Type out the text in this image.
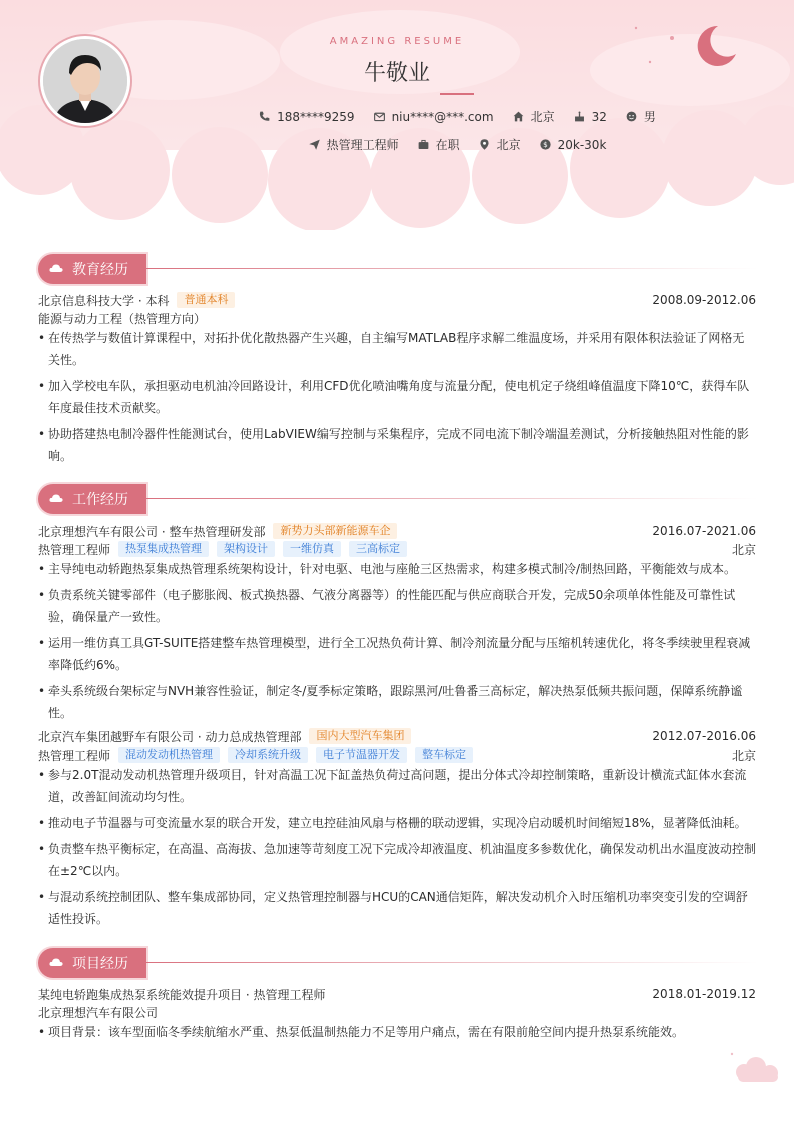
AMAZING RESUME
牛敬业
188****9259	niu****@***.com	北京	32	男
热管理工程师	在职	北京 $ 20k-30k
教育经历
北京信息科技大学 · 本科	普通本科	2008.09-2012.06
能源与动力工程（热管理方向）
• 在传热学与数值计算课程中，对拓扑优化散热器产生兴趣，自主编写MATLAB程序求解二维温度场，并采用有限体积法验证了网格无关性。
• 加入学校电车队，承担驱动电机油冷回路设计，利用CFD优化喷油嘴角度与流量分配，使电机定子绕组峰值温度下降10℃，获得车队年度最佳技术贡献奖。
• 协助搭建热电制冷器件性能测试台，使用LabVIEW编写控制与采集程序，完成不同电流下制冷端温差测试，分析接触热阻对性能的影响。
工作经历
北京理想汽车有限公司 · 整车热管理研发部	新势力头部新能源车企	2016.07-2021.06
热管理工程师	热泵集成热管理	架构设计	一维仿真	三高标定	北京
• 主导纯电动轿跑热泵集成热管理系统架构设计，针对电驱、电池与座舱三区热需求，构建多模式制冷/制热回路，平衡能效与成本。
• 负责系统关键零部件（电子膨胀阀、板式换热器、气液分离器等）的性能匹配与供应商联合开发，完成50余项单体性能及可靠性试验，确保量产一致性。
• 运用一维仿真工具GT-SUITE搭建整车热管理模型，进行全工况热负荷计算、制冷剂流量分配与压缩机转速优化，将冬季续驶里程衰减率降低约6%。
• 牵头系统级台架标定与NVH兼容性验证，制定冬/夏季标定策略，跟踪黑河/吐鲁番三高标定，解决热泵低频共振问题，保障系统静谧性。
北京汽车集团越野车有限公司 · 动力总成热管理部	国内大型汽车集团	2012.07-2016.06
热管理工程师	混动发动机热管理	冷却系统升级	电子节温器开发	整车标定	北京
• 参与2.0T混动发动机热管理升级项目，针对高温工况下缸盖热负荷过高问题，提出分体式冷却控制策略，重新设计横流式缸体水套流道，改善缸间流动均匀性。
• 推动电子节温器与可变流量水泵的联合开发，建立电控硅油风扇与格栅的联动逻辑，实现冷启动暖机时间缩短18%，显著降低油耗。
• 负责整车热平衡标定，在高温、高海拔、急加速等苛刻度工况下完成冷却液温度、机油温度多参数优化，确保发动机出水温度波动控制在±2℃以内。
• 与混动系统控制团队、整车集成部协同，定义热管理控制器与HCU的CAN通信矩阵，解决发动机介入时压缩机功率突变引发的空调舒适性投诉。
项目经历
某纯电轿跑集成热泵系统能效提升项目 · 热管理工程师	2018.01-2019.12
北京理想汽车有限公司
• 项目背景：该车型面临冬季续航缩水严重、热泵低温制热能力不足等用户痛点，需在有限前舱空间内提升热泵系统能效。
